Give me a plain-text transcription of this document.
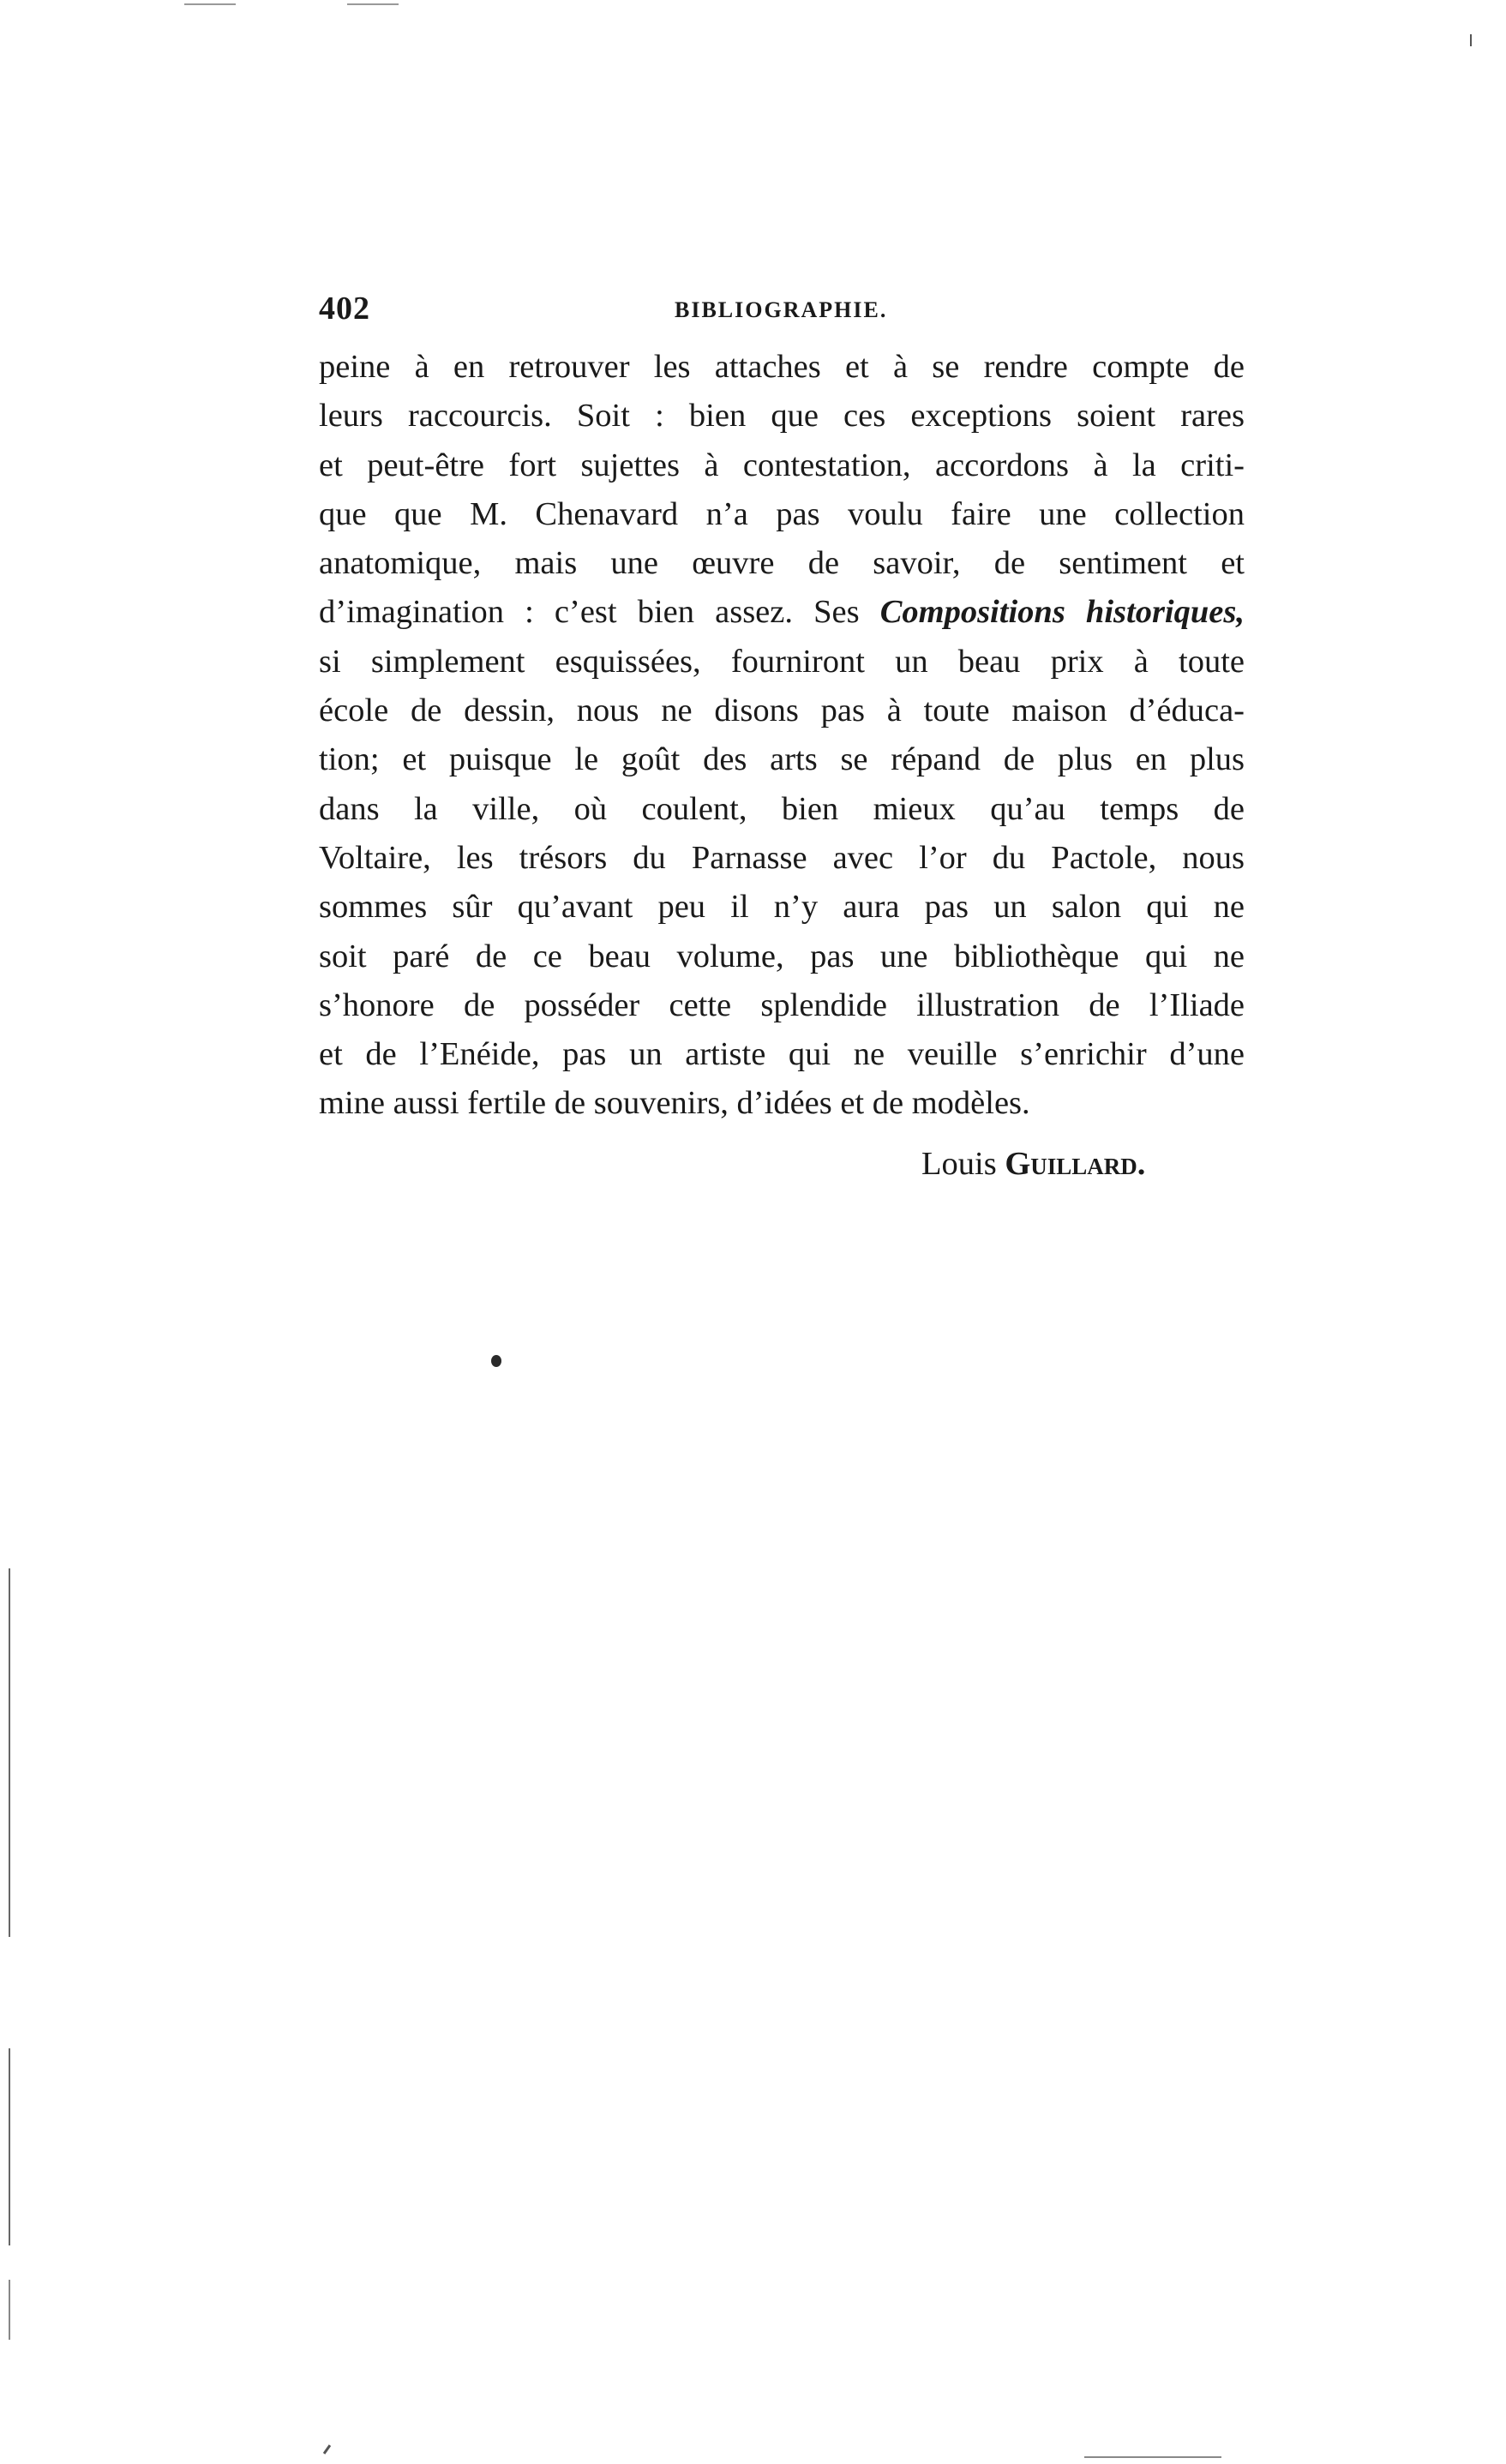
402	BIBLIOGRAPHIE.
peine à en retrouver les attaches et à se rendre compte de
leurs raccourcis. Soit : bien que ces exceptions soient rares
et peut-être fort sujettes à contestation, accordons à la criti-
que que M. Chenavard n’a pas voulu faire une collection
anatomique, mais une œuvre de savoir, de sentiment et
d’imagination : c’est bien assez. Ses Compositions historiques,
si simplement esquissées, fourniront un beau prix à toute
école de dessin, nous ne disons pas à toute maison d’éduca-
tion; et puisque le goût des arts se répand de plus en plus
dans la ville, où coulent, bien mieux qu’au temps de
Voltaire, les trésors du Parnasse avec l’or du Pactole, nous
sommes sûr qu’avant peu il n’y aura pas un salon qui ne
soit paré de ce beau volume, pas une bibliothèque qui ne
s’honore de posséder cette splendide illustration de l’Iliade
et de l’Enéide, pas un artiste qui ne veuille s’enrichir d’une
mine aussi fertile de souvenirs, d’idées et de modèles.
Louis Guillard.
